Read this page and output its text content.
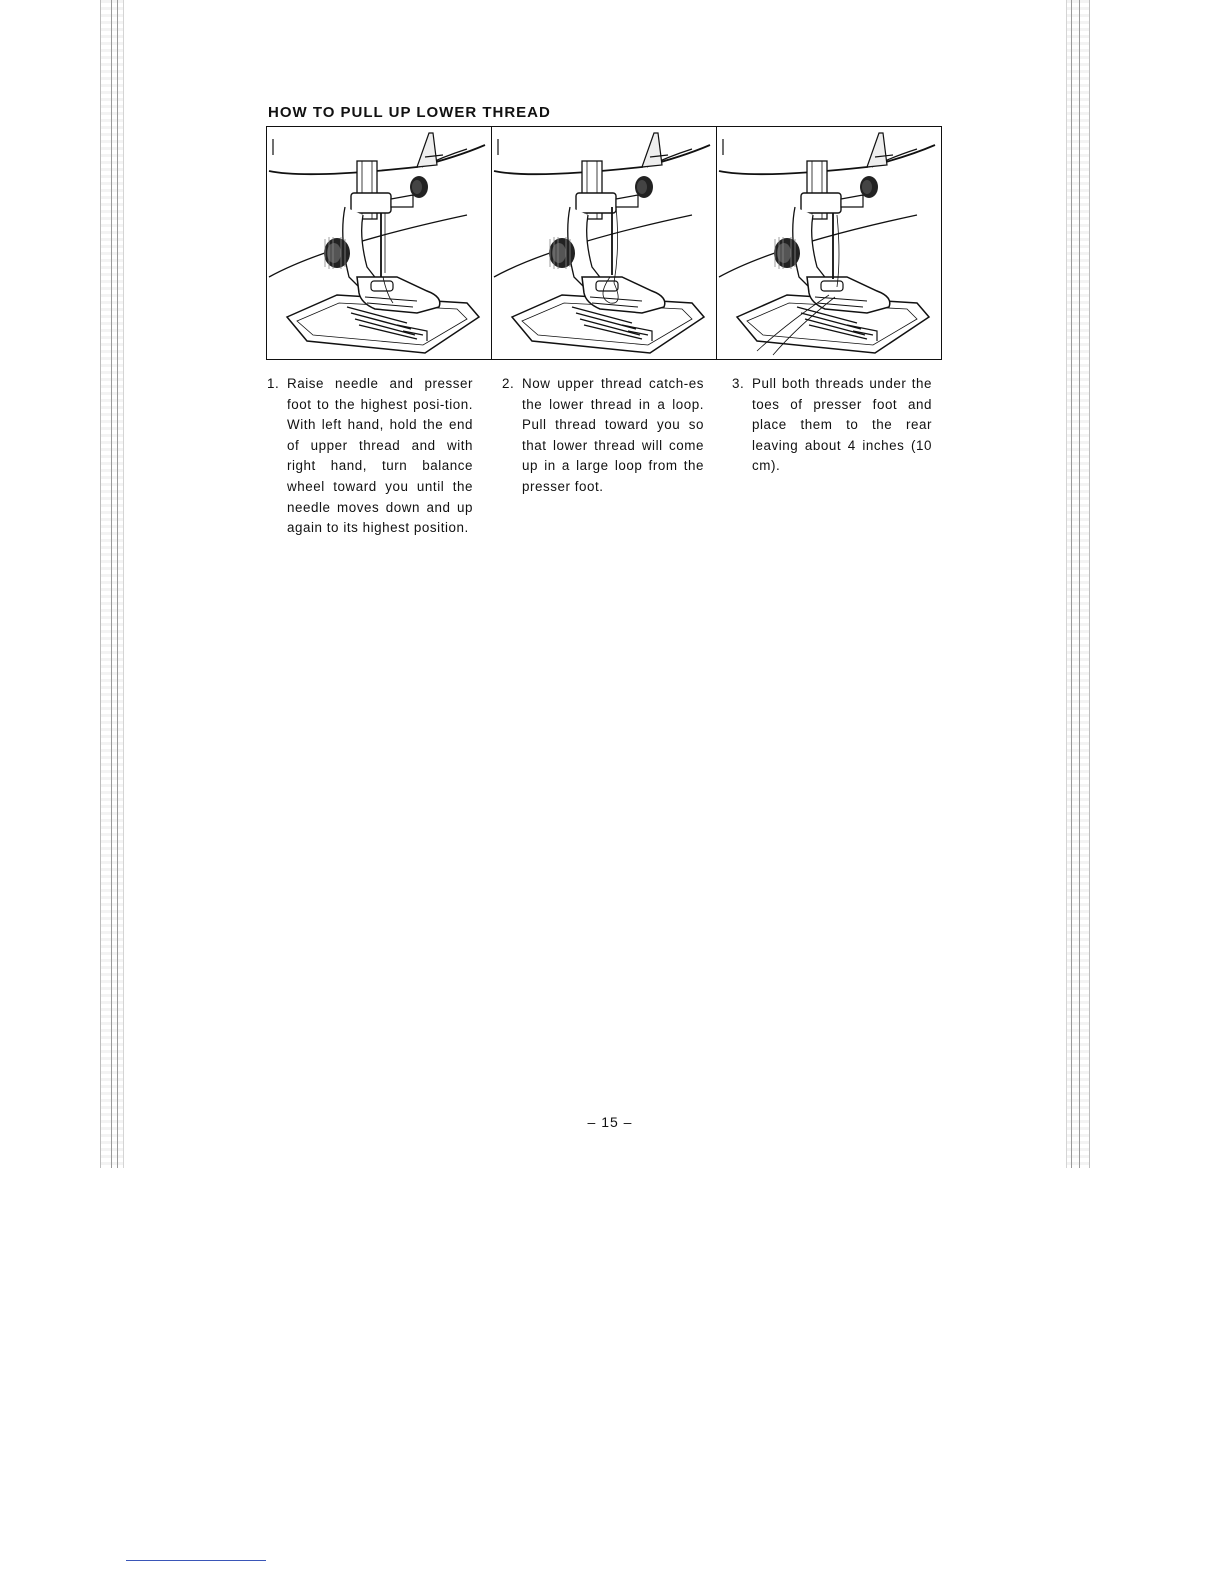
HOW TO PULL UP LOWER THREAD
1. Raise needle and presser foot to the highest posi-tion. With left hand, hold the end of upper thread and with right hand, turn balance wheel toward you until the needle moves down and up again to its highest position.
2. Now upper thread catch-es the lower thread in a loop. Pull thread toward you so that lower thread will come up in a large loop from the presser foot.
3. Pull both threads under the toes of presser foot and place them to the rear leaving about 4 inches (10 cm).
– 15 –
